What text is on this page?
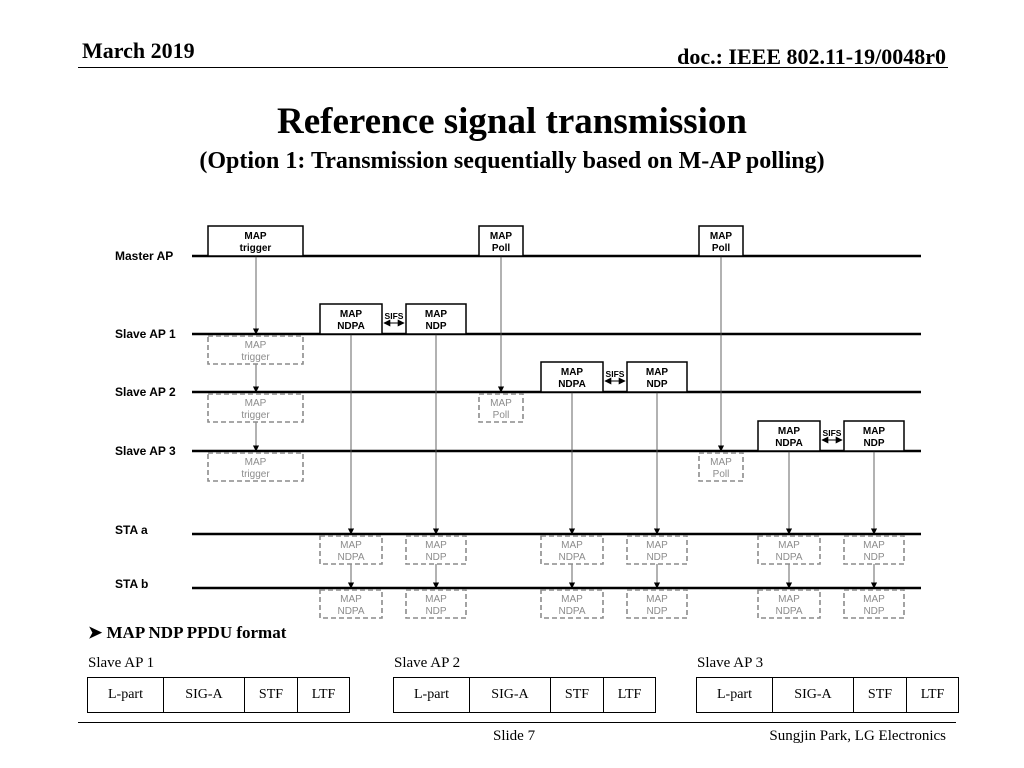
March 2019	doc.: IEEE 802.11-19/0048r0
Reference signal transmission
(Option 1: Transmission sequentially based on M-AP polling)
MAP
trigger
MAP
Poll
MAP
Poll
MAP
trigger
MAP
trigger
MAP
trigger
MAP
Poll
MAP
Poll
MAP
NDPA
MAP
NDP
SIFS
MAP
NDPA
MAP
NDP
MAP
NDPA
MAP
NDP
MAP
NDPA
MAP
NDP
SIFS
MAP
NDPA
MAP
NDP
MAP
NDPA
MAP
NDP
MAP
NDPA
MAP
NDP
SIFS
MAP
NDPA
MAP
NDP
MAP
NDPA
MAP
NDP
Master AP
Slave AP 1
Slave AP 2
Slave AP 3
STA a
STA b
➤ MAP NDP PPDU format
Slave AP 1	Slave AP 2	Slave AP 3
L-part	SIG-A	STF	LTF	L-part	SIG-A	STF	LTF	L-part	SIG-A	STF	LTF
Slide 7	Sungjin Park, LG Electronics
